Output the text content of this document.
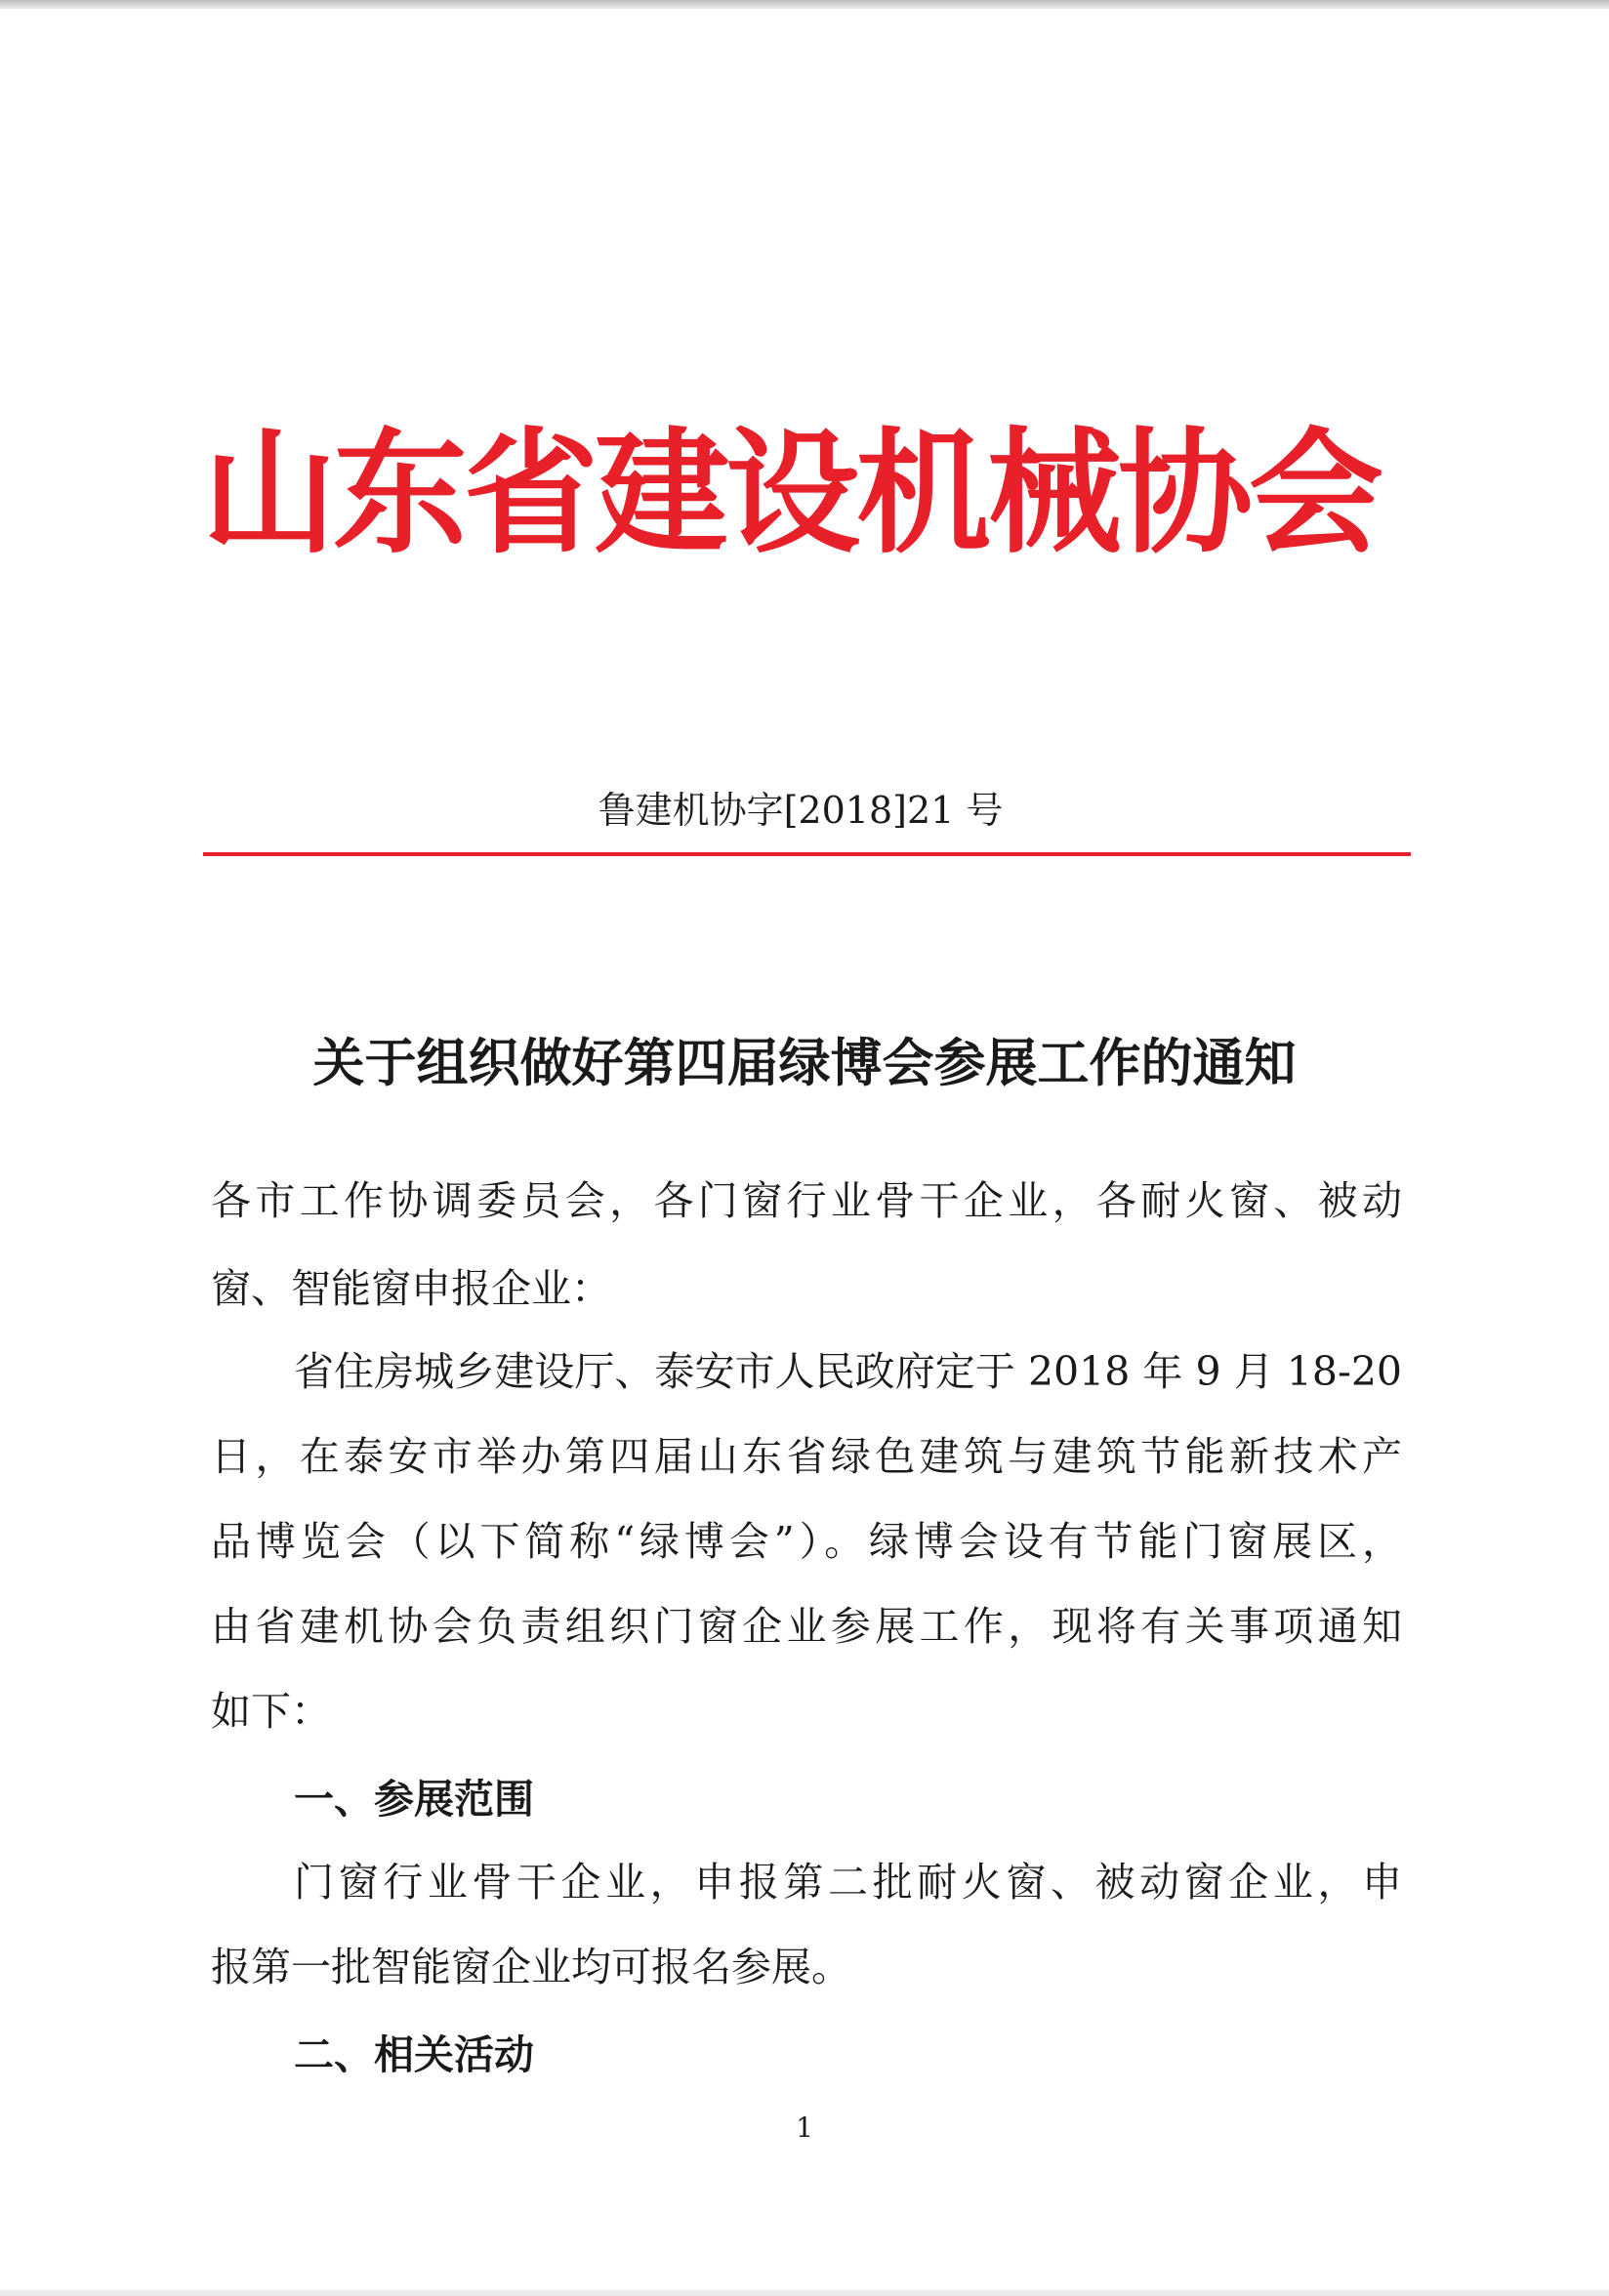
山东省建设机械协会
鲁建机协字[2018]21 号
关于组织做好第四届绿博会参展工作的通知
各市工作协调委员会，各门窗行业骨干企业，各耐火窗、被动
窗、智能窗申报企业：
省住房城乡建设厅、泰安市人民政府定于 2018 年 9 月 18-20
日，在泰安市举办第四届山东省绿色建筑与建筑节能新技术产
品博览会（以下简称“绿博会”）。绿博会设有节能门窗展区，
由省建机协会负责组织门窗企业参展工作，现将有关事项通知
如下：
一、参展范围
门窗行业骨干企业，申报第二批耐火窗、被动窗企业，申
报第一批智能窗企业均可报名参展。
二、相关活动
1
